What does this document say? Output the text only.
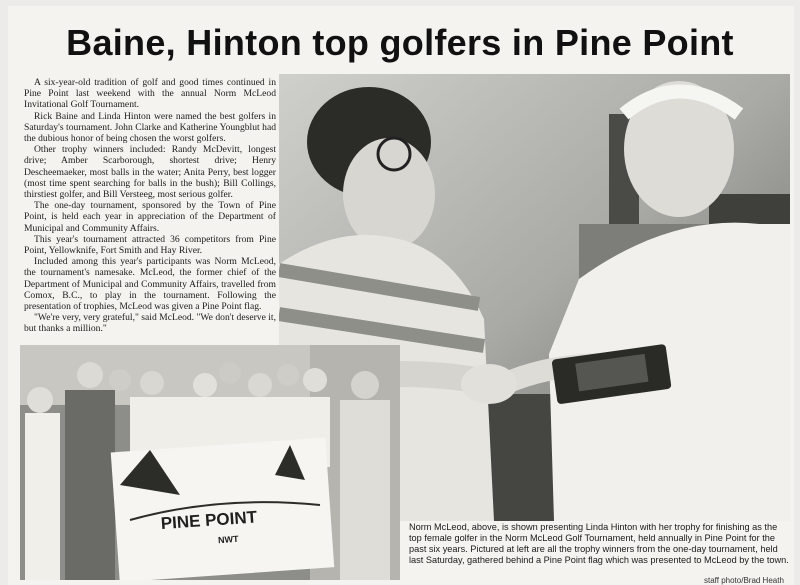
Baine, Hinton top golfers in Pine Point

A six-year-old tradition of golf and good times continued in Pine Point last weekend with the annual Norm McLeod Invitational Golf Tournament.

Rick Baine and Linda Hinton were named the best golfers in Saturday's tournament. John Clarke and Katherine Youngblut had the dubious honor of being chosen the worst golfers.

Other trophy winners included: Randy McDevitt, longest drive; Amber Scarborough, shortest drive; Henry Descheemaeker, most balls in the water; Anita Perry, best logger (most time spent searching for balls in the bush); Bill Collings, thirstiest golfer, and Bill Versteeg, most serious golfer.

The one-day tournament, sponsored by the Town of Pine Point, is held each year in appreciation of the Department of Municipal and Community Affairs.

This year's tournament attracted 36 competitors from Pine Point, Yellowknife, Fort Smith and Hay River.

Included among this year's participants was Norm McLeod, the tournament's namesake. McLeod, the former chief of the Department of Municipal and Community Affairs, travelled from Comox, B.C., to play in the tournament. Following the presentation of trophies, McLeod was given a Pine Point flag.

"We're very, very grateful," said McLeod. "We don't deserve it, but thanks a million."

PINE POINT
NWT

Norm McLeod, above, is shown presenting Linda Hinton with her trophy for finishing as the top female golfer in the Norm McLeod Golf Tournament, held annually in Pine Point for the past six years. Pictured at left are all the trophy winners from the one-day tournament, held last Saturday, gathered behind a Pine Point flag which was presented to McLeod by the town.

staff photo/Brad Heath
